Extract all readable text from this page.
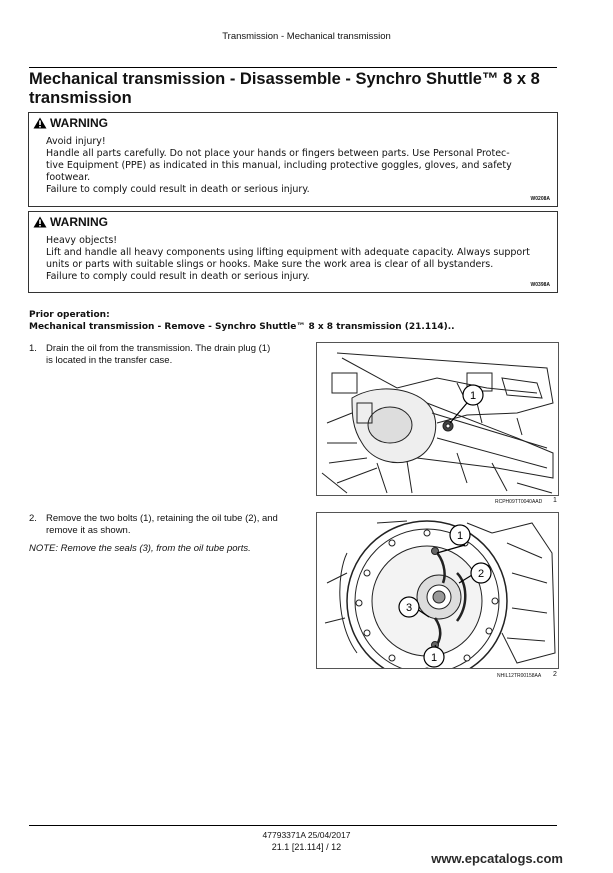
Transmission - Mechanical transmission
Mechanical transmission - Disassemble - Synchro Shuttle™ 8 x 8 transmission
WARNING
Avoid injury!
Handle all parts carefully. Do not place your hands or fingers between parts. Use Personal Protec-
tive Equipment (PPE) as indicated in this manual, including protective goggles, gloves, and safety
footwear.
Failure to comply could result in death or serious injury.
W0208A
WARNING
Heavy objects!
Lift and handle all heavy components using lifting equipment with adequate capacity. Always support
units or parts with suitable slings or hooks. Make sure the work area is clear of all bystanders.
Failure to comply could result in death or serious injury.
W0398A
Prior operation:
Mechanical transmission - Remove - Synchro Shuttle™ 8 x 8 transmission (21.114)..
1. Drain the oil from the transmission. The drain plug (1)
is located in the transfer case.
1
RCPH09TT0040AAD 1
2. Remove the two bolts (1), retaining the oil tube (2), and
remove it as shown.
NOTE: Remove the seals (3), from the oil tube ports.
1
2
3
1
NHIL12TR00158AA 2
47793371A 25/04/2017
21.1 [21.114] / 12
www.epcatalogs.com
